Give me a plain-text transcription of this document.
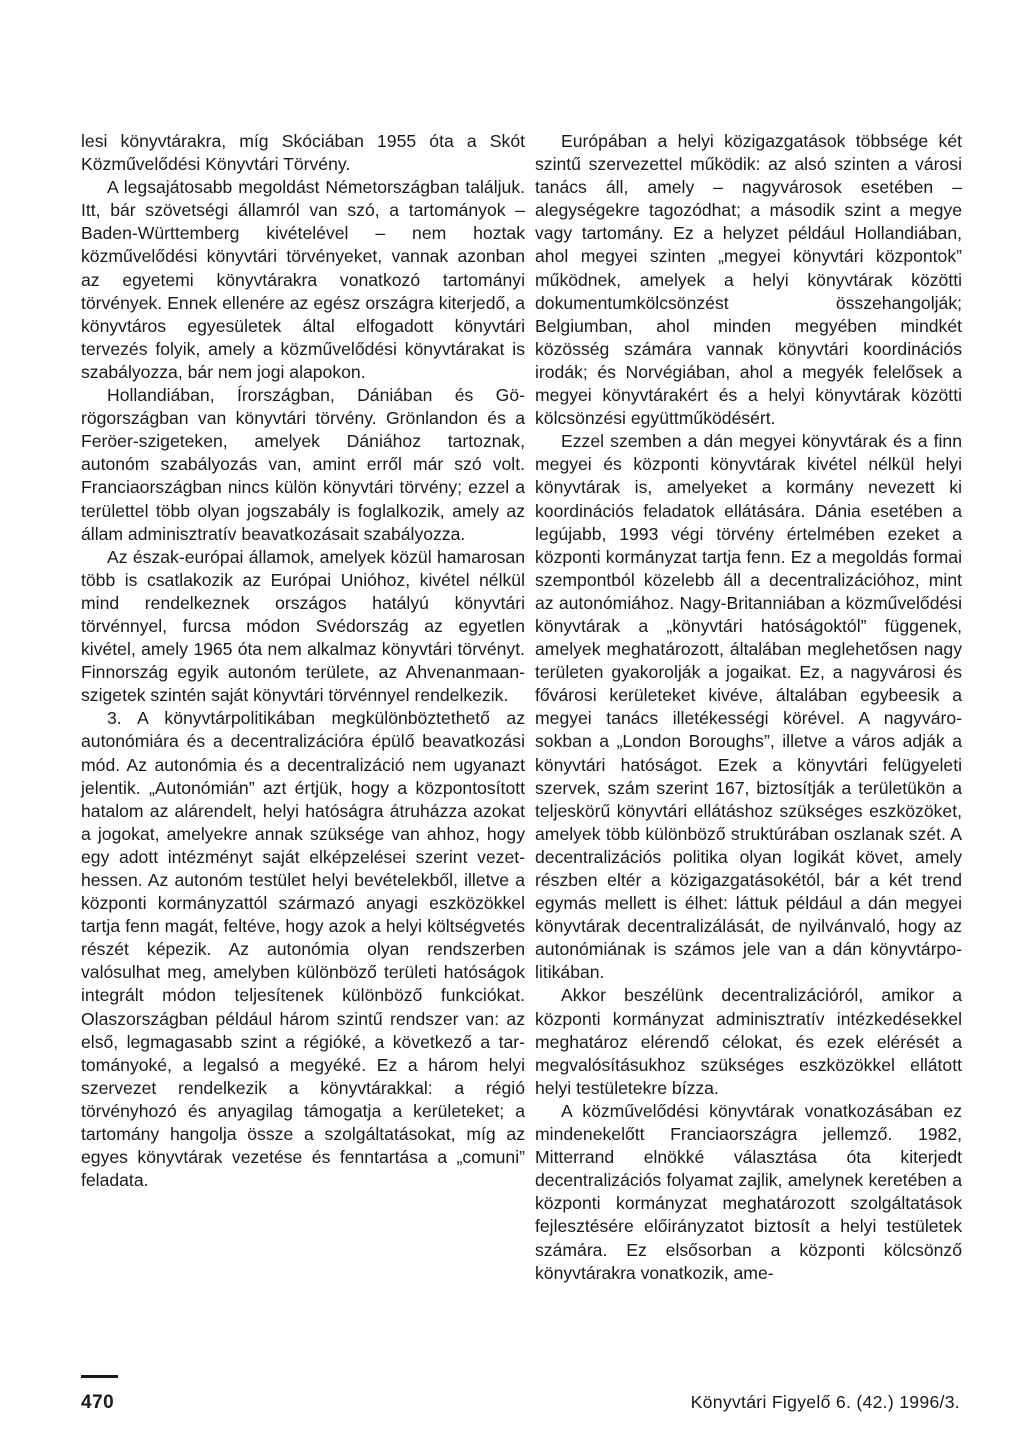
lesi könyvtárakra, míg Skóciában 1955 óta a Skót Közművelődési Könyvtári Törvény.

A legsajátosabb megoldást Németországban találjuk. Itt, bár szövetségi államról van szó, a tartományok – Baden-Württemberg kivételével – nem hoztak közművelődési könyvtári törvényeket, vannak azonban az egyetemi könyvtárakra vonatkozó tartományi törvények. Ennek ellenére az egész országra kiterjedő, a könyvtáros egyesületek által elfogadott könyvtári tervezés folyik, amely a közművelődési könyvtárakat is szabályozza, bár nem jogi alapokon.

Hollandiában, Írországban, Dániában és Görögországban van könyvtári törvény. Grönlandon és a Feröer-szigeteken, amelyek Dániához tartoznak, autonóm szabályozás van, amint erről már szó volt. Franciaországban nincs külön könyvtári törvény; ezzel a területtel több olyan jogszabály is foglalkozik, amely az állam adminisztratív beavatkozásait szabályozza.

Az észak-európai államok, amelyek közül hamarosan több is csatlakozik az Európai Unióhoz, kivétel nélkül mind rendelkeznek országos hatályú könyvtári törvénnyel, furcsa módon Svédország az egyetlen kivétel, amely 1965 óta nem alkalmaz könyvtári törvényt. Finnország egyik autonóm területe, az Ahvenanmaan-szigetek szintén saját könyvtári törvénnyel rendelkezik.

3. A könyvtárpolitikában megkülönböztethető az autonómiára és a decentralizációra épülő beavatkozási mód. Az autonómia és a decentralizáció nem ugyanazt jelentik. „Autonómián” azt értjük, hogy a központosított hatalom az alárendelt, helyi hatóságra átruházza azokat a jogokat, amelyekre annak szüksége van ahhoz, hogy egy adott intézményt saját elképzelései szerint vezethessen. Az autonóm testület helyi bevételekből, illetve a központi kormányzattól származó anyagi eszközökkel tartja fenn magát, feltéve, hogy azok a helyi költségvetés részét képezik. Az autonómia olyan rendszerben valósulhat meg, amelyben különböző területi hatóságok integrált módon teljesítenek különböző funkciókat. Olaszországban például három szintű rendszer van: az első, legmagasabb szint a régióké, a következő a tartományoké, a legalsó a megyéké. Ez a három helyi szervezet rendelkezik a könyvtárakkal: a régió törvényhozó és anyagilag támogatja a kerületeket; a tartomány hangolja össze a szolgáltatásokat, míg az egyes könyvtárak vezetése és fenntartása a „comuni” feladata.

Európában a helyi közigazgatások többsége két szintű szervezettel működik: az alsó szinten a városi tanács áll, amely – nagyvárosok esetében – alegységekre tagozódhat; a második szint a megye vagy tartomány. Ez a helyzet például Hollandiában, ahol megyei szinten „megyei könyvtári központok” működnek, amelyek a helyi könyvtárak közötti dokumentumkölcsönzést összehangolják; Belgiumban, ahol minden megyében mindkét közösség számára vannak könyvtári koordinációs irodák; és Norvégiában, ahol a megyék felelősek a megyei könyvtárakért és a helyi könyvtárak közötti kölcsönzési együttműködésért.

Ezzel szemben a dán megyei könyvtárak és a finn megyei és központi könyvtárak kivétel nélkül helyi könyvtárak is, amelyeket a kormány nevezett ki koordinációs feladatok ellátására. Dánia esetében a legújabb, 1993 végi törvény értelmében ezeket a központi kormányzat tartja fenn. Ez a megoldás formai szempontból közelebb áll a decentralizációhoz, mint az autonómiához. Nagy-Britanniában a közművelődési könyvtárak a „könyvtári hatóságoktól” függenek, amelyek meghatározott, általában meglehetősen nagy területen gyakorolják a jogaikat. Ez, a nagyvárosi és fővárosi kerületeket kivéve, általában egybeesik a megyei tanács illetékességi körével. A nagyvárosokban a „London Boroughs”, illetve a város adják a könyvtári hatóságot. Ezek a könyvtári felügyeleti szervek, szám szerint 167, biztosítják a területükön a teljeskörű könyvtári ellátáshoz szükséges eszközöket, amelyek több különböző struktúrában oszlanak szét. A decentralizációs politika olyan logikát követ, amely részben eltér a közigazgatásokétól, bár a két trend egymás mellett is élhet: láttuk például a dán megyei könyvtárak decentralizálását, de nyilvánvaló, hogy az autonómiának is számos jele van a dán könyvtárpolitikában.

Akkor beszélünk decentralizációról, amikor a központi kormányzat adminisztratív intézkedésekkel meghatároz elérendő célokat, és ezek elérését a megvalósításukhoz szükséges eszközökkel ellátott helyi testületekre bízza.

A közművelődési könyvtárak vonatkozásában ez mindenekelőtt Franciaországra jellemző. 1982, Mitterrand elnökké választása óta kiterjedt decentralizációs folyamat zajlik, amelynek keretében a központi kormányzat meghatározott szolgáltatások fejlesztésére előirányzatot biztosít a helyi testületek számára. Ez elsősorban a központi kölcsönző könyvtárakra vonatkozik, ame-

470	Könyvtári Figyelő 6. (42.) 1996/3.
